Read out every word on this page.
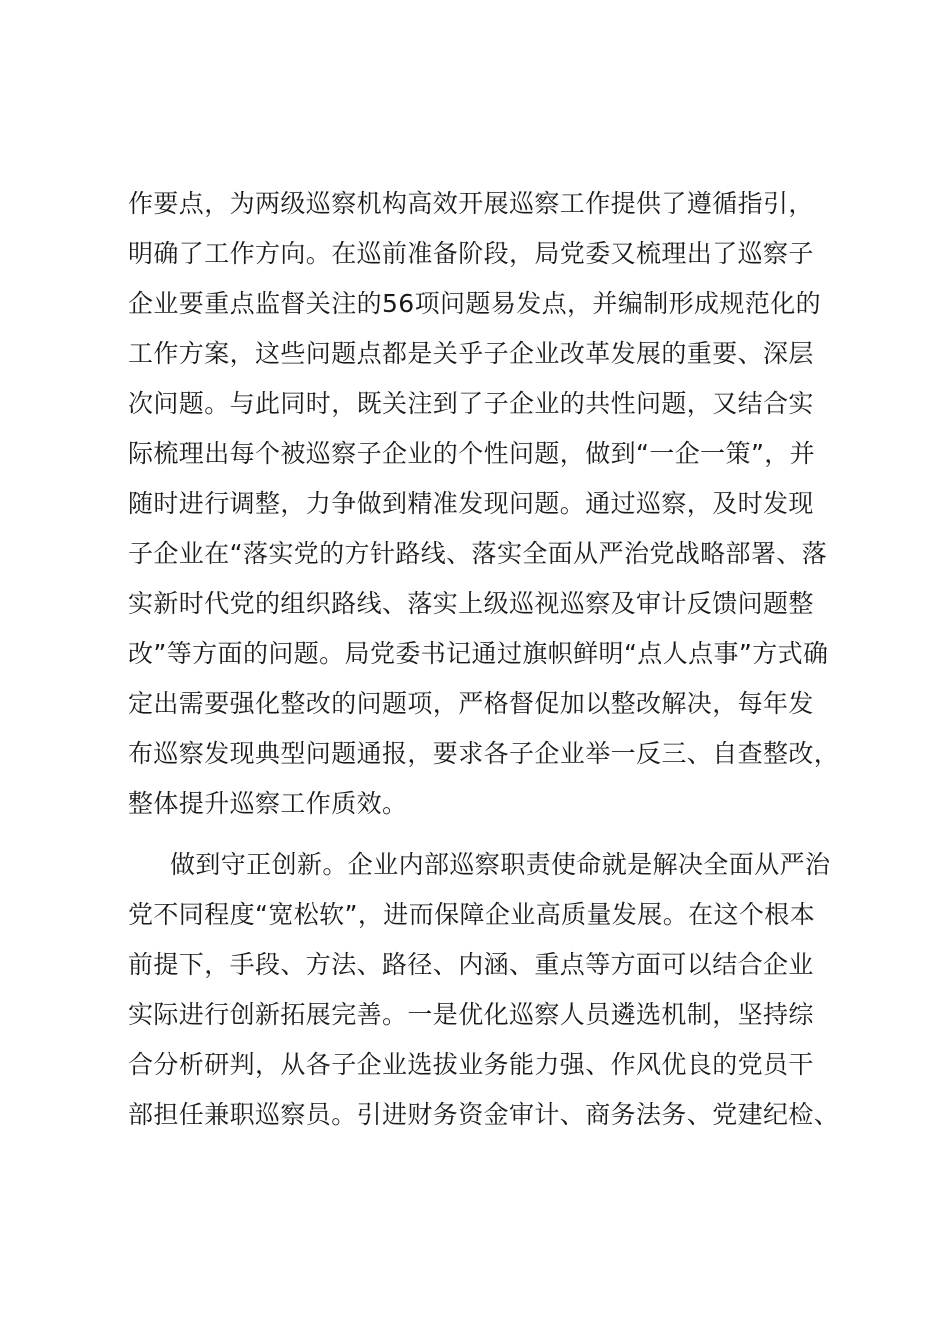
作要点，为两级巡察机构高效开展巡察工作提供了遵循指引，
明确了工作方向。在巡前准备阶段，局党委又梳理出了巡察子
企业要重点监督关注的56项问题易发点，并编制形成规范化的
工作方案，这些问题点都是关乎子企业改革发展的重要、深层
次问题。与此同时，既关注到了子企业的共性问题，又结合实
际梳理出每个被巡察子企业的个性问题，做到“一企一策”，并
随时进行调整，力争做到精准发现问题。通过巡察，及时发现
子企业在“落实党的方针路线、落实全面从严治党战略部署、落
实新时代党的组织路线、落实上级巡视巡察及审计反馈问题整
改”等方面的问题。局党委书记通过旗帜鲜明“点人点事”方式确
定出需要强化整改的问题项，严格督促加以整改解决，每年发
布巡察发现典型问题通报，要求各子企业举一反三、自查整改，
整体提升巡察工作质效。
做到守正创新。企业内部巡察职责使命就是解决全面从严治
党不同程度“宽松软”，进而保障企业高质量发展。在这个根本
前提下，手段、方法、路径、内涵、重点等方面可以结合企业
实际进行创新拓展完善。一是优化巡察人员遴选机制，坚持综
合分析研判，从各子企业选拔业务能力强、作风优良的党员干
部担任兼职巡察员。引进财务资金审计、商务法务、党建纪检、
